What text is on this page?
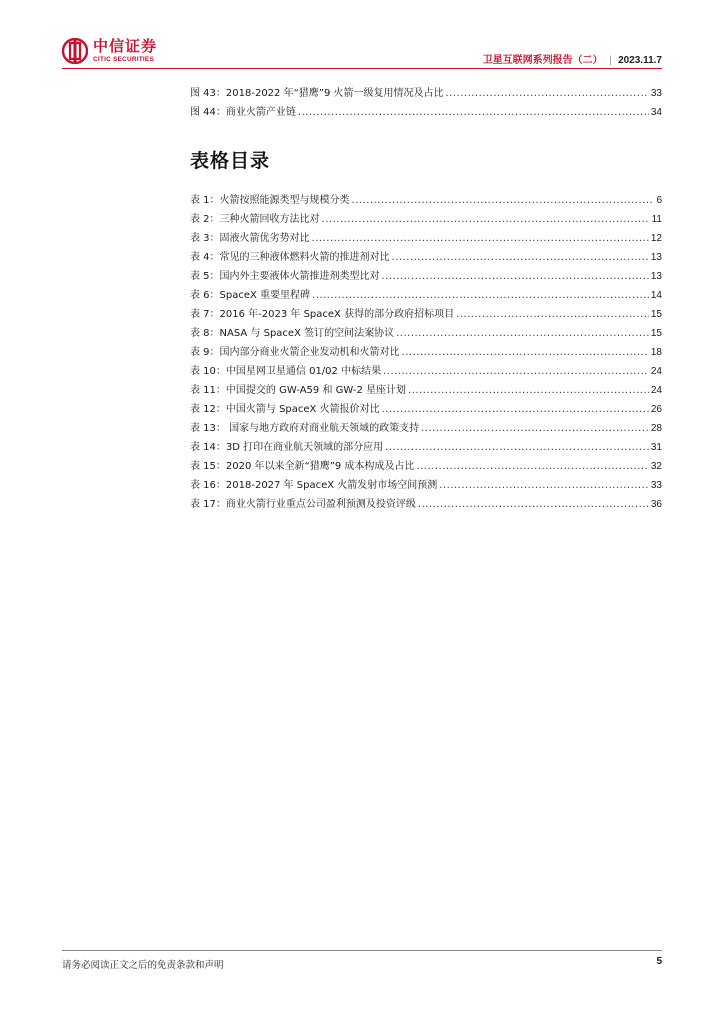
中信证券
CITIC SECURITIES	卫星互联网系列报告（二） | 2023.11.7
图 43：2018-2022 年“猎鹰”9 火箭一级复用情况及占比 .....	33
图 44：商业火箭产业链 .....	34
表格目录
表 1：火箭按照能源类型与规模分类 .....	6
表 2：三种火箭回收方法比对 .....	11
表 3：固液火箭优劣势对比 .....	12
表 4：常见的三种液体燃料火箭的推进剂对比 .....	13
表 5：国内外主要液体火箭推进剂类型比对 .....	13
表 6：SpaceX 重要里程碑 .....	14
表 7：2016 年-2023 年 SpaceX 获得的部分政府招标项目 .....	15
表 8：NASA 与 SpaceX 签订的空间法案协议 .....	15
表 9：国内部分商业火箭企业发动机和火箭对比 .....	18
表 10：中国星网卫星通信 01/02 中标结果 .....	24
表 11：中国提交的 GW-A59 和 GW-2 星座计划 .....	24
表 12：中国火箭与 SpaceX 火箭报价对比 .....	26
表 13： 国家与地方政府对商业航天领域的政策支持 .....	28
表 14：3D 打印在商业航天领域的部分应用 .....	31
表 15：2020 年以来全新“猎鹰”9 成本构成及占比 .....	32
表 16：2018-2027 年 SpaceX 火箭发射市场空间预测 .....	33
表 17：商业火箭行业重点公司盈利预测及投资评级 .....	36
请务必阅读正文之后的免责条款和声明	5
